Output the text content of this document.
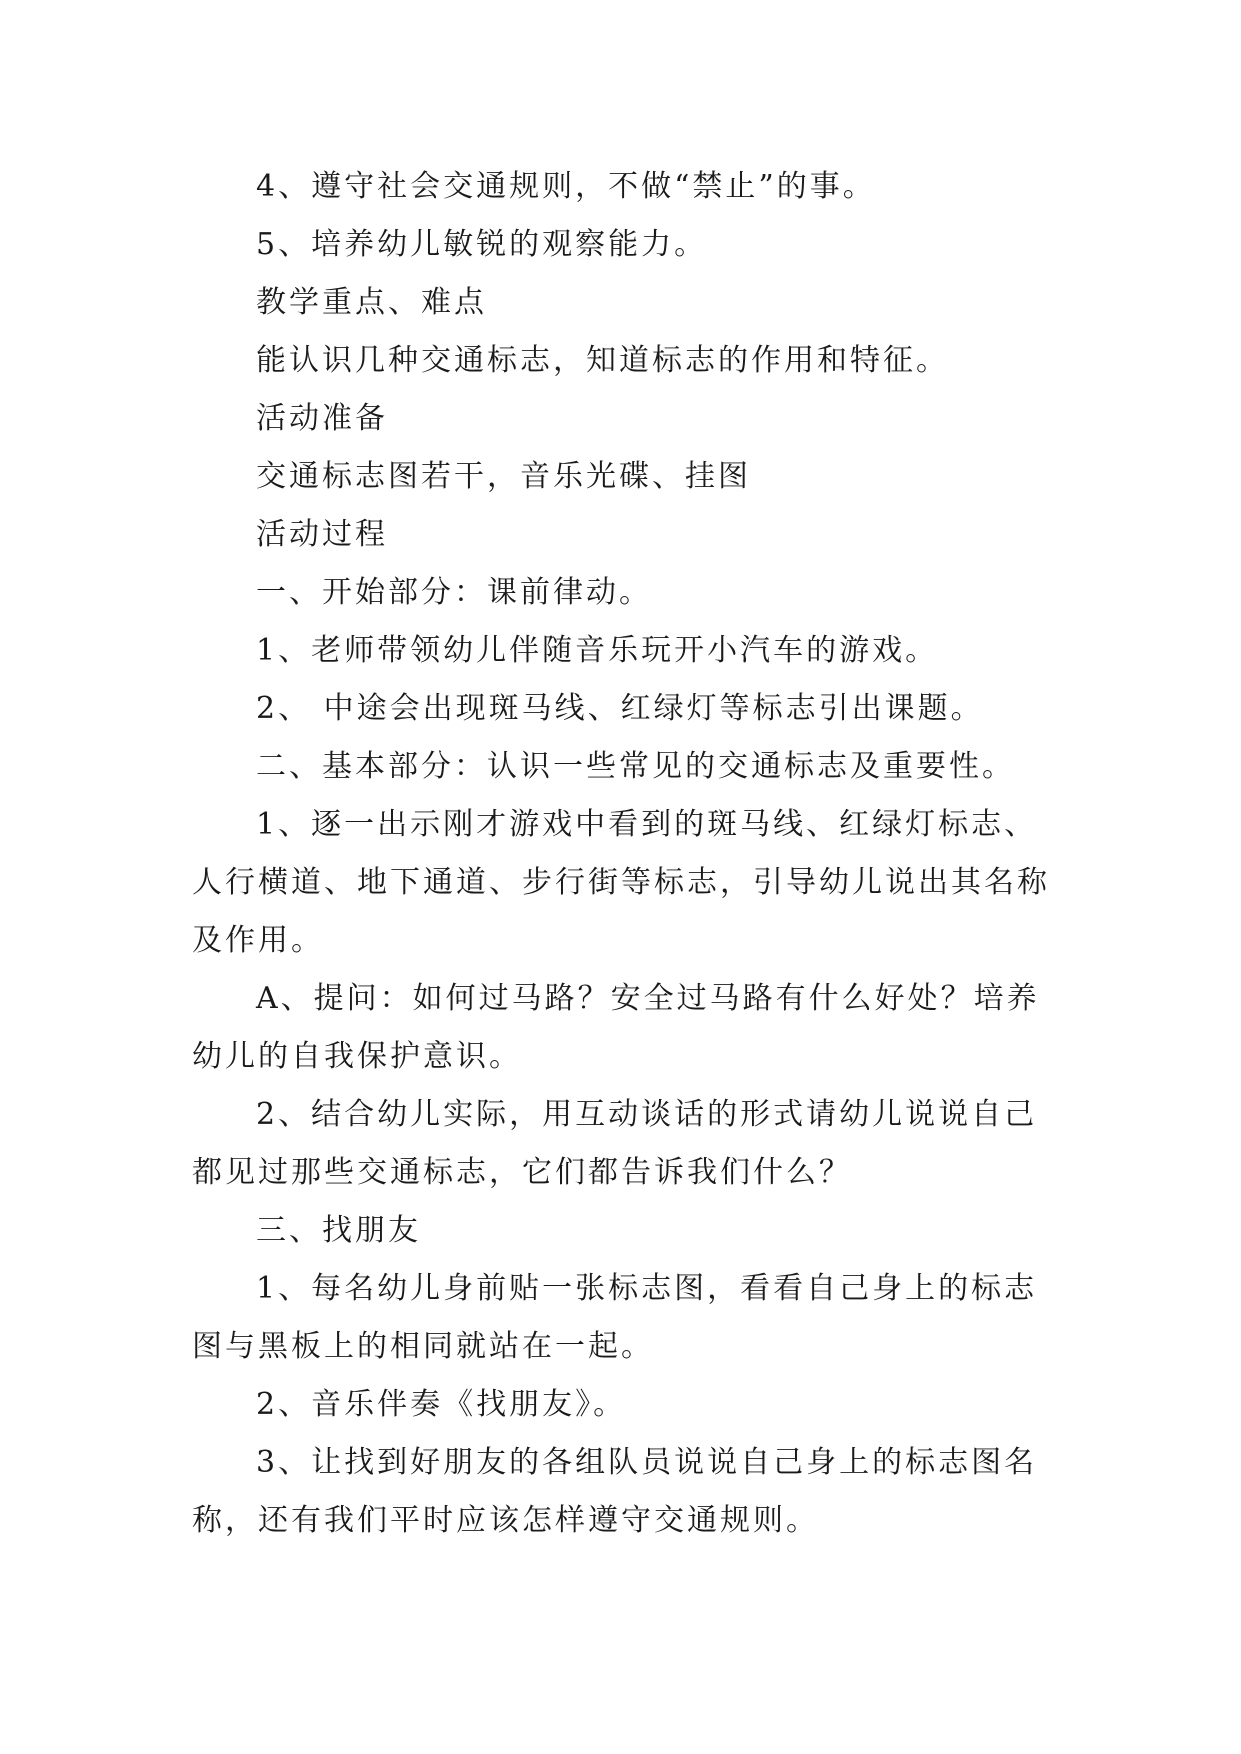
4、遵守社会交通规则，不做“禁止”的事。

5、培养幼儿敏锐的观察能力。

教学重点、难点

能认识几种交通标志，知道标志的作用和特征。

活动准备

交通标志图若干，音乐光碟、挂图

活动过程

一、开始部分：课前律动。

1、老师带领幼儿伴随音乐玩开小汽车的游戏。

2、 中途会出现斑马线、红绿灯等标志引出课题。

二、基本部分：认识一些常见的交通标志及重要性。

1、逐一出示刚才游戏中看到的斑马线、红绿灯标志、人行横道、地下通道、步行街等标志，引导幼儿说出其名称及作用。

A、提问：如何过马路？安全过马路有什么好处？培养幼儿的自我保护意识。

2、结合幼儿实际，用互动谈话的形式请幼儿说说自己都见过那些交通标志，它们都告诉我们什么？

三、找朋友

1、每名幼儿身前贴一张标志图，看看自己身上的标志图与黑板上的相同就站在一起。

2、音乐伴奏《找朋友》。

3、让找到好朋友的各组队员说说自己身上的标志图名称，还有我们平时应该怎样遵守交通规则。
